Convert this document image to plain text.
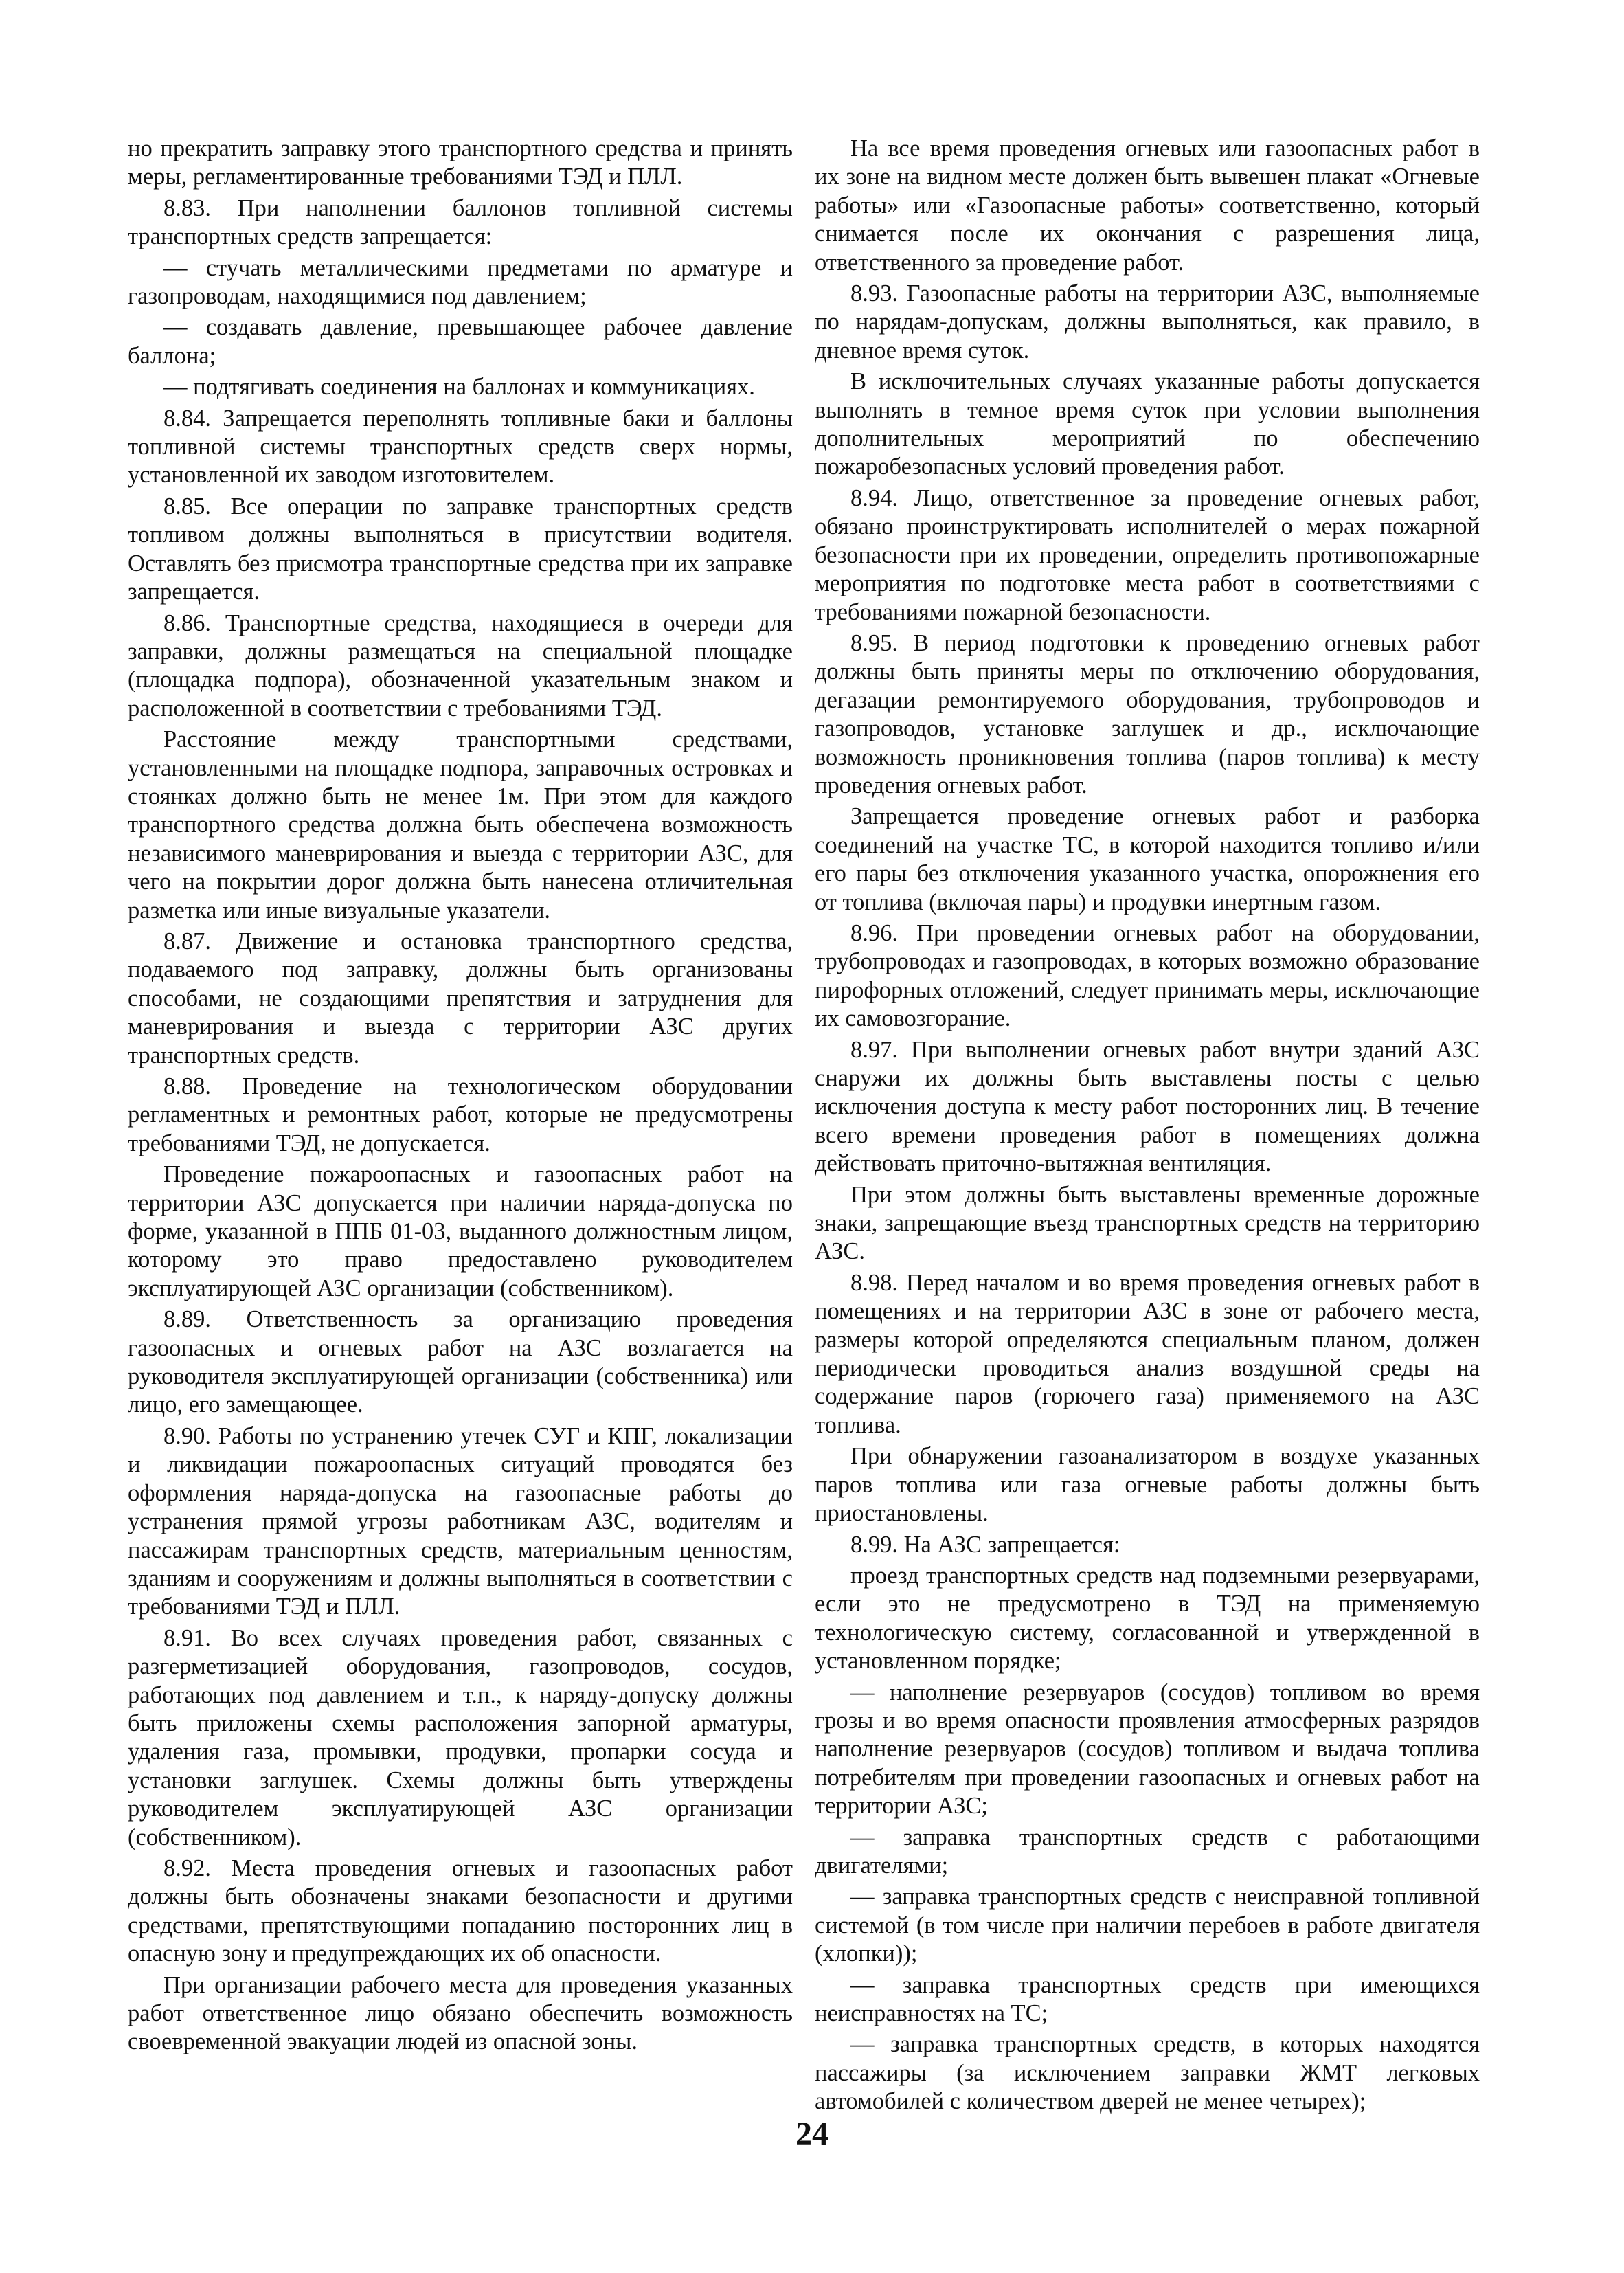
но прекратить заправку этого транспортного средства и принять меры, регламентированные требованиями ТЭД и ПЛЛ.

8.83. При наполнении баллонов топливной системы транспортных средств запрещается:

— стучать металлическими предметами по арматуре и газопроводам, находящимися под давлением;

— создавать давление, превышающее рабочее давление баллона;

— подтягивать соединения на баллонах и коммуникациях.

8.84. Запрещается переполнять топливные баки и баллоны топливной системы транспортных средств сверх нормы, установленной их заводом изготовителем.

8.85. Все операции по заправке транспортных средств топливом должны выполняться в присутствии водителя. Оставлять без присмотра транспортные средства при их заправке запрещается.

8.86. Транспортные средства, находящиеся в очереди для заправки, должны размещаться на специальной площадке (площадка подпора), обозначенной указательным знаком и расположенной в соответствии с требованиями ТЭД.

Расстояние между транспортными средствами, установленными на площадке подпора, заправочных островках и стоянках должно быть не менее 1м. При этом для каждого транспортного средства должна быть обеспечена возможность независимого маневрирования и выезда с территории АЗС, для чего на покрытии дорог должна быть нанесена отличительная разметка или иные визуальные указатели.

8.87. Движение и остановка транспортного средства, подаваемого под заправку, должны быть организованы способами, не создающими препятствия и затруднения для маневрирования и выезда с территории АЗС других транспортных средств.

8.88. Проведение на технологическом оборудовании регламентных и ремонтных работ, которые не предусмотрены требованиями ТЭД, не допускается.

Проведение пожароопасных и газоопасных работ на территории АЗС допускается при наличии наряда-допуска по форме, указанной в ППБ 01-03, выданного должностным лицом, которому это право предоставлено руководителем эксплуатирующей АЗС организации (собственником).

8.89. Ответственность за организацию проведения газоопасных и огневых работ на АЗС возлагается на руководителя эксплуатирующей организации (собственника) или лицо, его замещающее.

8.90. Работы по устранению утечек СУГ и КПГ, локализации и ликвидации пожароопасных ситуаций проводятся без оформления наряда-допуска на газоопасные работы до устранения прямой угрозы работникам АЗС, водителям и пассажирам транспортных средств, материальным ценностям, зданиям и сооружениям и должны выполняться в соответствии с требованиями ТЭД и ПЛЛ.

8.91. Во всех случаях проведения работ, связанных с разгерметизацией оборудования, газопроводов, сосудов, работающих под давлением и т.п., к наряду-допуску должны быть приложены схемы расположения запорной арматуры, удаления газа, промывки, продувки, пропарки сосуда и установки заглушек. Схемы должны быть утверждены руководителем эксплуатирующей АЗС организации (собственником).

8.92. Места проведения огневых и газоопасных работ должны быть обозначены знаками безопасности и другими средствами, препятствующими попаданию посторонних лиц в опасную зону и предупреждающих их об опасности.

При организации рабочего места для проведения указанных работ ответственное лицо обязано обеспечить возможность своевременной эвакуации людей из опасной зоны.

На все время проведения огневых или газоопасных работ в их зоне на видном месте должен быть вывешен плакат «Огневые работы» или «Газоопасные работы» соответственно, который снимается после их окончания с разрешения лица, ответственного за проведение работ.

8.93. Газоопасные работы на территории АЗС, выполняемые по нарядам-допускам, должны выполняться, как правило, в дневное время суток.

В исключительных случаях указанные работы допускается выполнять в темное время суток при условии выполнения дополнительных мероприятий по обеспечению пожаробезопасных условий проведения работ.

8.94. Лицо, ответственное за проведение огневых работ, обязано проинструктировать исполнителей о мерах пожарной безопасности при их проведении, определить противопожарные мероприятия по подготовке места работ в соответствиями с требованиями пожарной безопасности.

8.95. В период подготовки к проведению огневых работ должны быть приняты меры по отключению оборудования, дегазации ремонтируемого оборудования, трубопроводов и газопроводов, установке заглушек и др., исключающие возможность проникновения топлива (паров топлива) к месту проведения огневых работ.

Запрещается проведение огневых работ и разборка соединений на участке ТС, в которой находится топливо и/или его пары без отключения указанного участка, опорожнения его от топлива (включая пары) и продувки инертным газом.

8.96. При проведении огневых работ на оборудовании, трубопроводах и газопроводах, в которых возможно образование пирофорных отложений, следует принимать меры, исключающие их самовозгорание.

8.97. При выполнении огневых работ внутри зданий АЗС снаружи их должны быть выставлены посты с целью исключения доступа к месту работ посторонних лиц. В течение всего времени проведения работ в помещениях должна действовать приточно-вытяжная вентиляция.

При этом должны быть выставлены временные дорожные знаки, запрещающие въезд транспортных средств на территорию АЗС.

8.98. Перед началом и во время проведения огневых работ в помещениях и на территории АЗС в зоне от рабочего места, размеры которой определяются специальным планом, должен периодически проводиться анализ воздушной среды на содержание паров (горючего газа) применяемого на АЗС топлива.

При обнаружении газоанализатором в воздухе указанных паров топлива или газа огневые работы должны быть приостановлены.

8.99. На АЗС запрещается:

проезд транспортных средств над подземными резервуарами, если это не предусмотрено в ТЭД на применяемую технологическую систему, согласованной и утвержденной в установленном порядке;

— наполнение резервуаров (сосудов) топливом во время грозы и во время опасности проявления атмосферных разрядов наполнение резервуаров (сосудов) топливом и выдача топлива потребителям при проведении газоопасных и огневых работ на территории АЗС;

— заправка транспортных средств с работающими двигателями;

— заправка транспортных средств с неисправной топливной системой (в том числе при наличии перебоев в работе двигателя (хлопки));

— заправка транспортных средств при имеющихся неисправностях на ТС;

— заправка транспортных средств, в которых находятся пассажиры (за исключением заправки ЖМТ легковых автомобилей с количеством дверей не менее четырех);

24
